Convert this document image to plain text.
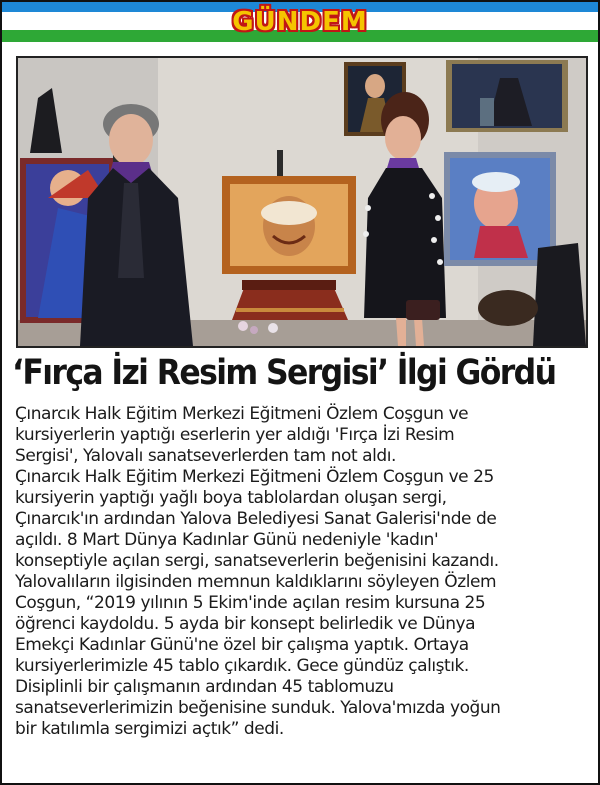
GÜNDEM
‘Fırça İzi Resim Sergisi’ İlgi Gördü

Çınarcık Halk Eğitim Merkezi Eğitmeni Özlem Coşgun ve

kursiyerlerin yaptığı eserlerin yer aldığı 'Fırça İzi Resim

Sergisi', Yalovalı sanatseverlerden tam not aldı.

Çınarcık Halk Eğitim Merkezi Eğitmeni Özlem Coşgun ve 25

kursiyerin yaptığı yağlı boya tablolardan oluşan sergi,

Çınarcık'ın ardından Yalova Belediyesi Sanat Galerisi'nde de

açıldı. 8 Mart Dünya Kadınlar Günü nedeniyle 'kadın'

konseptiyle açılan sergi, sanatseverlerin beğenisini kazandı.

Yalovalıların ilgisinden memnun kaldıklarını söyleyen Özlem

Coşgun, “2019 yılının 5 Ekim'inde açılan resim kursuna 25

öğrenci kaydoldu. 5 ayda bir konsept belirledik ve Dünya

Emekçi Kadınlar Günü'ne özel bir çalışma yaptık. Ortaya

kursiyerlerimizle 45 tablo çıkardık. Gece gündüz çalıştık.

Disiplinli bir çalışmanın ardından 45 tablomuzu

sanatseverlerimizin beğenisine sunduk. Yalova'mızda yoğun

bir katılımla sergimizi açtık” dedi.
